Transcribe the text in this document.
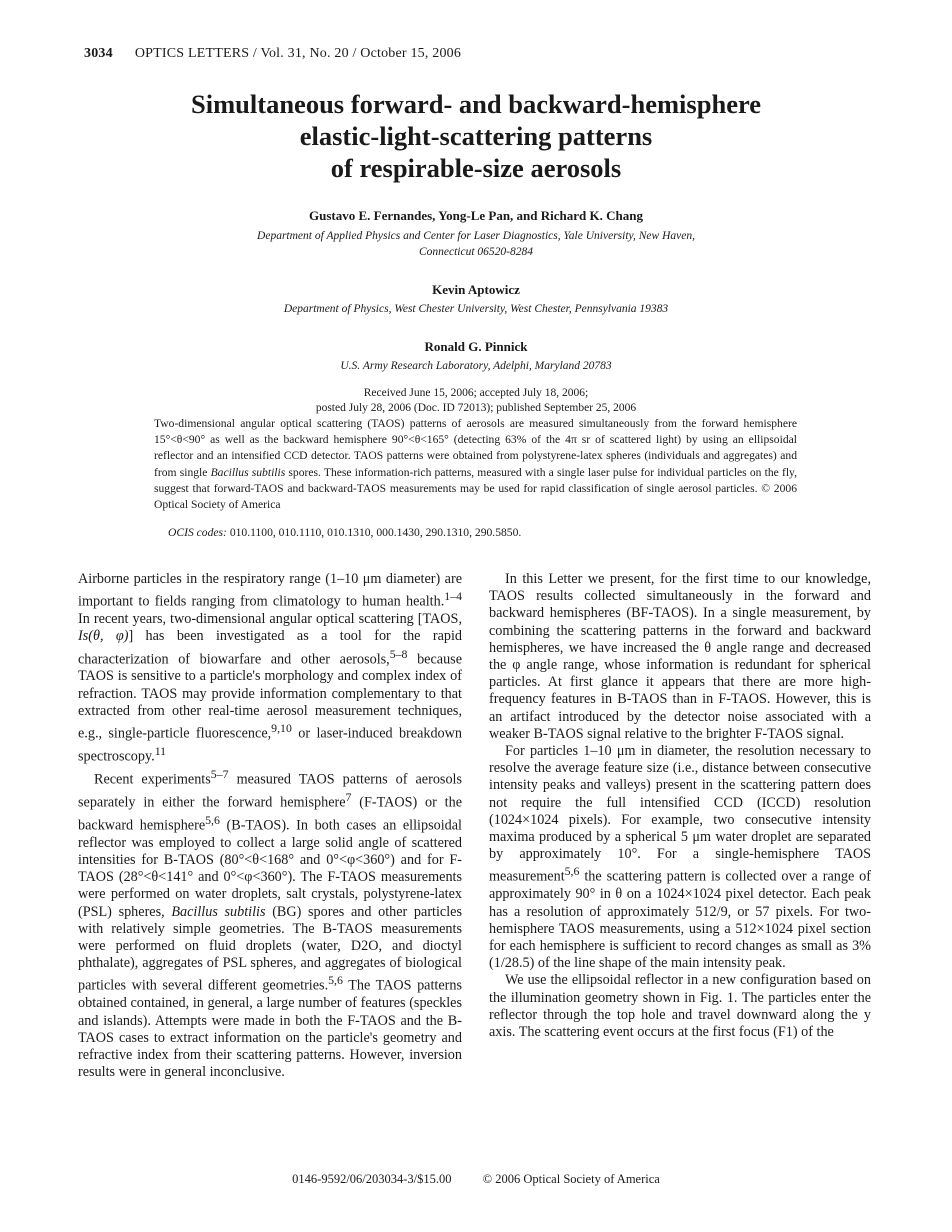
3034 OPTICS LETTERS / Vol. 31, No. 20 / October 15, 2006
Simultaneous forward- and backward-hemisphere
elastic-light-scattering patterns
of respirable-size aerosols
Gustavo E. Fernandes, Yong-Le Pan, and Richard K. Chang
Department of Applied Physics and Center for Laser Diagnostics, Yale University, New Haven,
Connecticut 06520-8284
Kevin Aptowicz
Department of Physics, West Chester University, West Chester, Pennsylvania 19383
Ronald G. Pinnick
U.S. Army Research Laboratory, Adelphi, Maryland 20783
Received June 15, 2006; accepted July 18, 2006;
posted July 28, 2006 (Doc. ID 72013); published September 25, 2006
Two-dimensional angular optical scattering (TAOS) patterns of aerosols are measured simultaneously from the forward hemisphere 15°<θ<90° as well as the backward hemisphere 90°<θ<165° (detecting 63% of the 4π sr of scattered light) by using an ellipsoidal reflector and an intensified CCD detector. TAOS patterns were obtained from polystyrene-latex spheres (individuals and aggregates) and from single Bacillus subtilis spores. These information-rich patterns, measured with a single laser pulse for individual particles on the fly, suggest that forward-TAOS and backward-TAOS measurements may be used for rapid classification of single aerosol particles. © 2006 Optical Society of America
OCIS codes: 010.1100, 010.1110, 010.1310, 000.1430, 290.1310, 290.5850.

Airborne particles in the respiratory range (1–10 μm diameter) are important to fields ranging from climatology to human health.$^{1-4}$ In recent years, two-dimensional angular optical scattering [TAOS, Is(θ, φ)] has been investigated as a tool for the rapid characterization of biowarfare and other aerosols,$^{5-8}$ because TAOS is sensitive to a particle's morphology and complex index of refraction. TAOS may provide information complementary to that extracted from other real-time aerosol measurement techniques, e.g., single-particle fluorescence,$^{9,10}$ or laser-induced breakdown spectroscopy.$^{11}$

Recent experiments$^{5-7}$ measured TAOS patterns of aerosols separately in either the forward hemisphere$^7$ (F-TAOS) or the backward hemisphere$^{5,6}$ (B-TAOS). In both cases an ellipsoidal reflector was employed to collect a large solid angle of scattered intensities for B-TAOS (80°<θ<168° and 0°<φ<360°) and for F-TAOS (28°<θ<141° and 0°<φ<360°). The F-TAOS measurements were performed on water droplets, salt crystals, polystyrene-latex (PSL) spheres, Bacillus subtilis (BG) spores and other particles with relatively simple geometries. The B-TAOS measurements were performed on fluid droplets (water, D2O, and dioctyl phthalate), aggregates of PSL spheres, and aggregates of biological particles with several different geometries.$^{5,6}$ The TAOS patterns obtained contained, in general, a large number of features (speckles and islands). Attempts were made in both the F-TAOS and the B-TAOS cases to extract information on the particle's geometry and refractive index from their scattering patterns. However, inversion results were in general inconclusive.

In this Letter we present, for the first time to our knowledge, TAOS results collected simultaneously in the forward and backward hemispheres (BF-TAOS). In a single measurement, by combining the scattering patterns in the forward and backward hemispheres, we have increased the θ angle range and decreased the φ angle range, whose information is redundant for spherical particles. At first glance it appears that there are more high-frequency features in B-TAOS than in F-TAOS. However, this is an artifact introduced by the detector noise associated with a weaker B-TAOS signal relative to the brighter F-TAOS signal.

For particles 1–10 μm in diameter, the resolution necessary to resolve the average feature size (i.e., distance between consecutive intensity peaks and valleys) present in the scattering pattern does not require the full intensified CCD (ICCD) resolution (1024×1024 pixels). For example, two consecutive intensity maxima produced by a spherical 5 μm water droplet are separated by approximately 10°. For a single-hemisphere TAOS measurement$^{5,6}$ the scattering pattern is collected over a range of approximately 90° in θ on a 1024×1024 pixel detector. Each peak has a resolution of approximately 512/9, or 57 pixels. For two-hemisphere TAOS measurements, using a 512×1024 pixel section for each hemisphere is sufficient to record changes as small as 3% (1/28.5) of the line shape of the main intensity peak.

We use the ellipsoidal reflector in a new configuration based on the illumination geometry shown in Fig. 1. The particles enter the reflector through the top hole and travel downward along the y axis. The scattering event occurs at the first focus (F1) of the

0146-9592/06/203034-3/$15.00 © 2006 Optical Society of America
